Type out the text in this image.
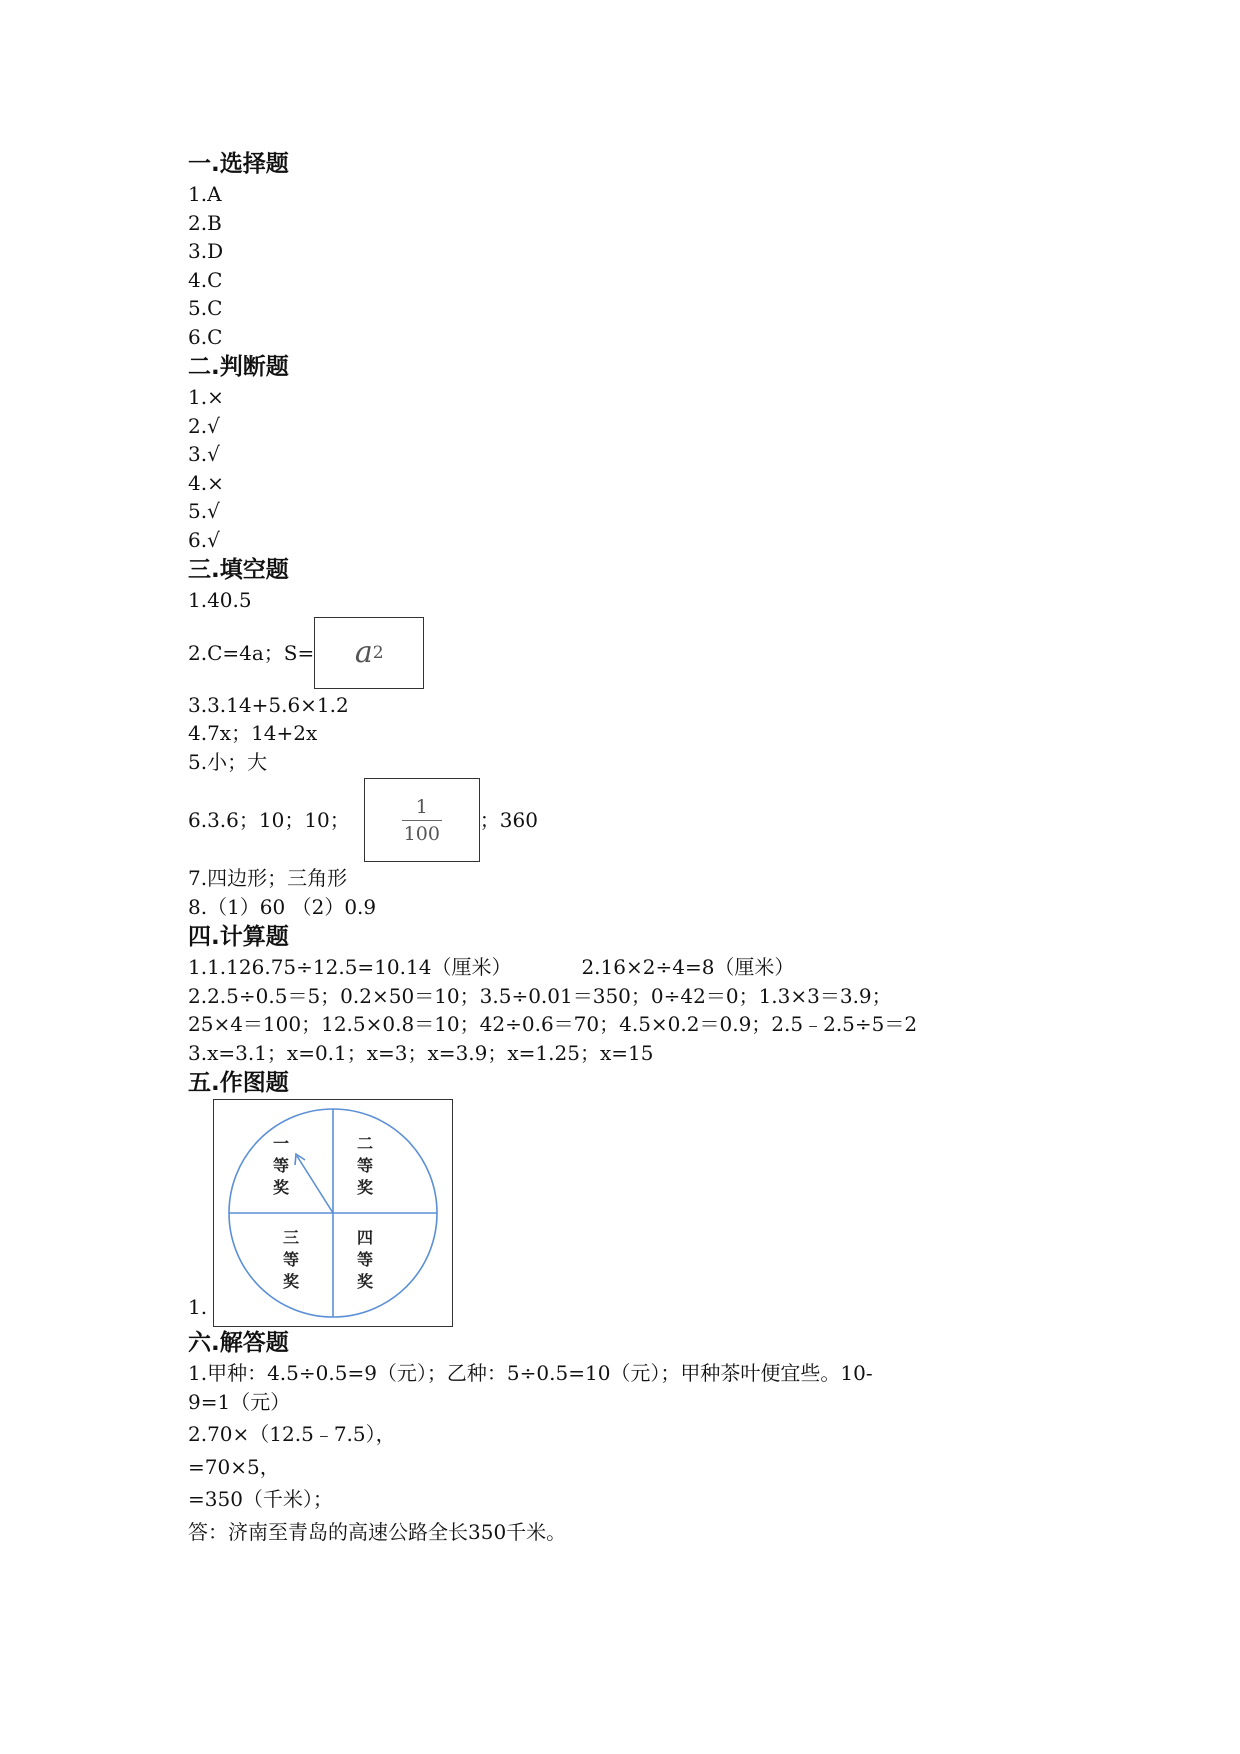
一.选择题
1.A
2.B
3.D
4.C
5.C
6.C
二.判断题
1.×
2.√
3.√
4.×
5.√
6.√
三.填空题
1.40.5
2.C=4a；S= a 2
3.3.14+5.6×1.2
4.7x；14+2x
5.小；大
6.3.6；10；10；
1
100
；360
7.四边形；三角形
8.（1）60 （2）0.9
四.计算题
1.1.126.75÷12.5=10.14（厘米）	2.16×2÷4=8（厘米）
2.2.5÷0.5＝5；0.2×50＝10；3.5÷0.01＝350；0÷42＝0；1.3×3＝3.9；
25×4＝100；12.5×0.8＝10；42÷0.6＝70；4.5×0.2＝0.9；2.5﹣2.5÷5＝2
3.x=3.1；x=0.1；x=3；x=3.9；x=1.25；x=15
五.作图题
1.
一
等
奖
二
等
奖
三
等
奖
四
等
奖
六.解答题
1.甲种：4.5÷0.5=9（元）；乙种：5÷0.5=10（元）；甲种茶叶便宜些。10-
9=1（元）
2.70×（12.5﹣7.5），
=70×5，
=350（千米）；
答：济南至青岛的高速公路全长350千米。
